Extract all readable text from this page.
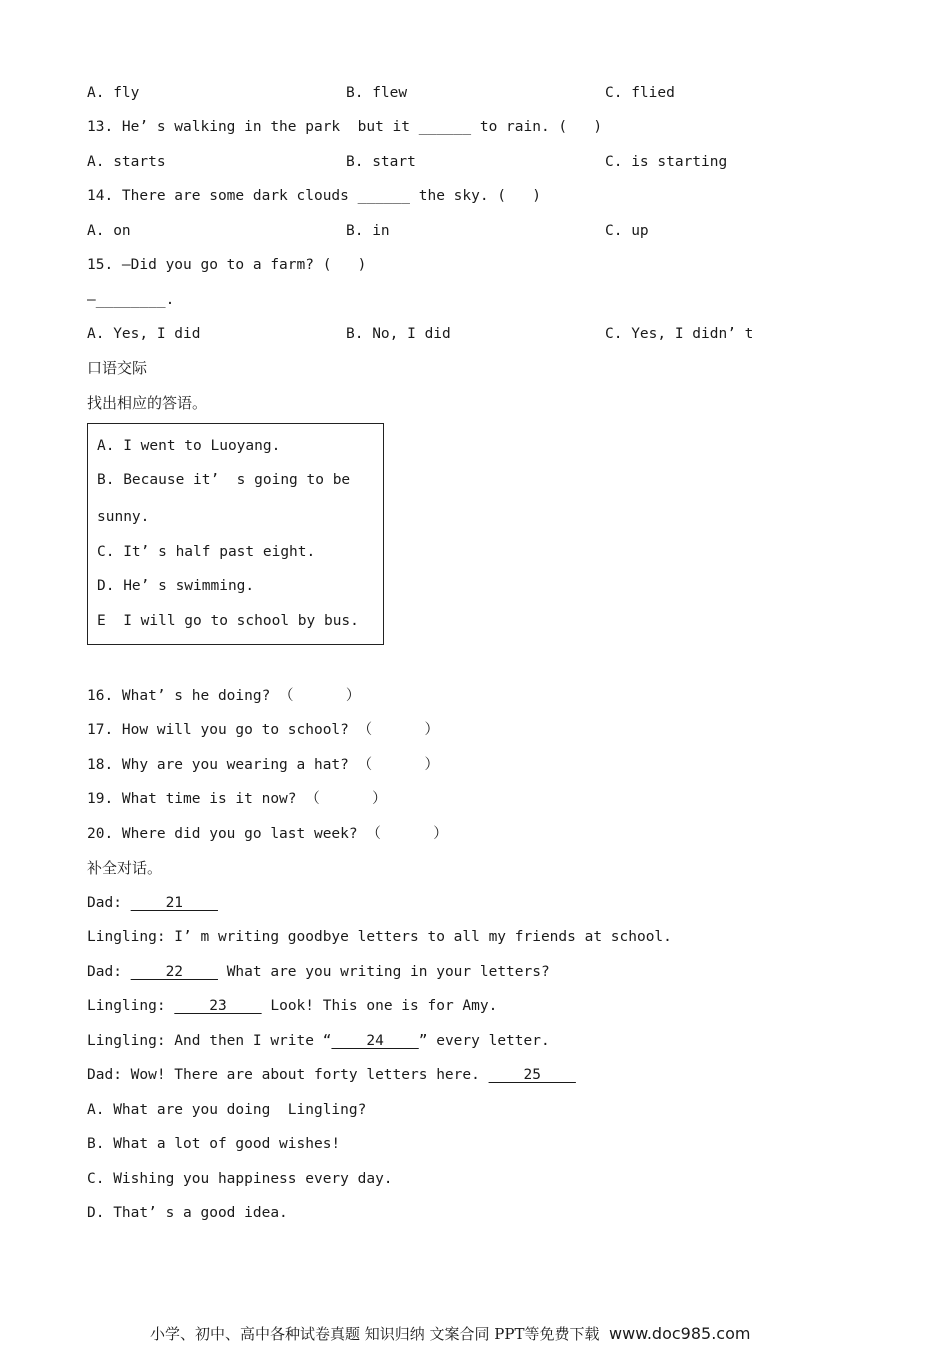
A. fly	B. flew	C. flied
13. He’ s walking in the park  but it ______ to rain. (   )
A. starts	B. start	C. is starting
14. There are some dark clouds ______ the sky. (   )
A. on	B. in	C. up
15. —Did you go to a farm? (   )
—________.
A. Yes, I did	B. No, I did	C. Yes, I didn’ t
口语交际
找出相应的答语。
A. I went to Luoyang.
B. Because it’  s going to be
sunny.
C. It’ s half past eight.
D. He’ s swimming.
E  I will go to school by bus.
16. What’ s he doing? （      ）
17. How will you go to school? （      ）
18. Why are you wearing a hat? （      ）
19. What time is it now? （      ）
20. Where did you go last week? （      ）
补全对话。
Dad:     21
Lingling: I’ m writing goodbye letters to all my friends at school.
Dad:     22     What are you writing in your letters?
Lingling:     23     Look! This one is for Amy.
Lingling: And then I write “    24    ” every letter.
Dad: Wow! There are about forty letters here.     25
A. What are you doing  Lingling?
B. What a lot of good wishes!
C. Wishing you happiness every day.
D. That’ s a good idea.
小学、初中、高中各种试卷真题 知识归纳 文案合同 PPT等免费下载  www.doc985.com
